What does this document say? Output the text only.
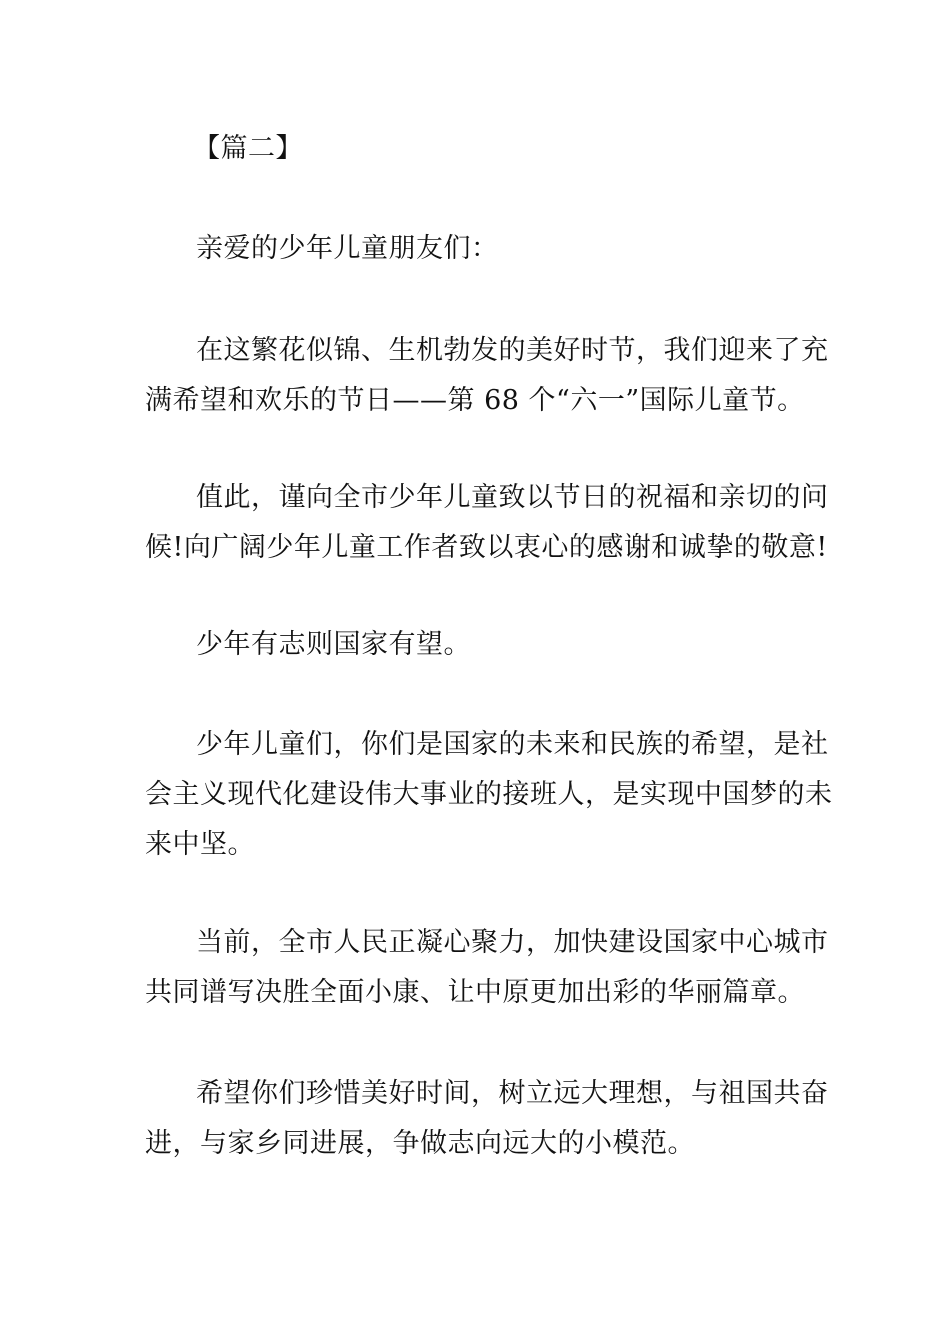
【篇二】
亲爱的少年儿童朋友们：
在这繁花似锦、生机勃发的美好时节，我们迎来了充
满希望和欢乐的节日——第 68 个“六一”国际儿童节。
值此，谨向全市少年儿童致以节日的祝福和亲切的问
候!向广阔少年儿童工作者致以衷心的感谢和诚挚的敬意!
少年有志则国家有望。
少年儿童们，你们是国家的未来和民族的希望，是社
会主义现代化建设伟大事业的接班人，是实现中国梦的未
来中坚。
当前，全市人民正凝心聚力，加快建设国家中心城市
共同谱写决胜全面小康、让中原更加出彩的华丽篇章。
希望你们珍惜美好时间，树立远大理想，与祖国共奋
进，与家乡同进展，争做志向远大的小模范。
